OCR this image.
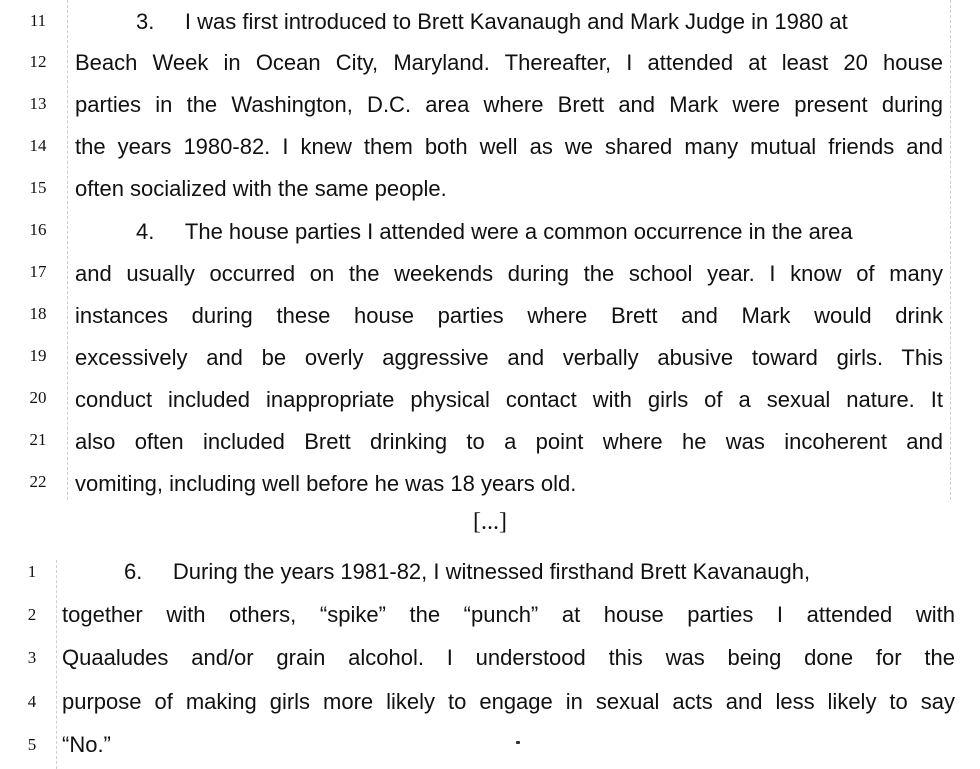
11	3.     I was first introduced to Brett Kavanaugh and Mark Judge in 1980 at
12	Beach Week in Ocean City, Maryland. Thereafter, I attended at least 20 house
13	parties in the Washington, D.C. area where Brett and Mark were present during
14	the years 1980-82. I knew them both well as we shared many mutual friends and
15	often socialized with the same people.
16	4.     The house parties I attended were a common occurrence in the area
17	and usually occurred on the weekends during the school year. I know of many
18	instances during these house parties where Brett and Mark would drink
19	excessively and be overly aggressive and verbally abusive toward girls. This
20	conduct included inappropriate physical contact with girls of a sexual nature. It
21	also often included Brett drinking to a point where he was incoherent and
22	vomiting, including well before he was 18 years old.
[...]
1	6.     During the years 1981-82, I witnessed firsthand Brett Kavanaugh,
2	together with others, “spike” the “punch” at house parties I attended with
3	Quaaludes and/or grain alcohol. I understood this was being done for the
4	purpose of making girls more likely to engage in sexual acts and less likely to say
5	“No.”
